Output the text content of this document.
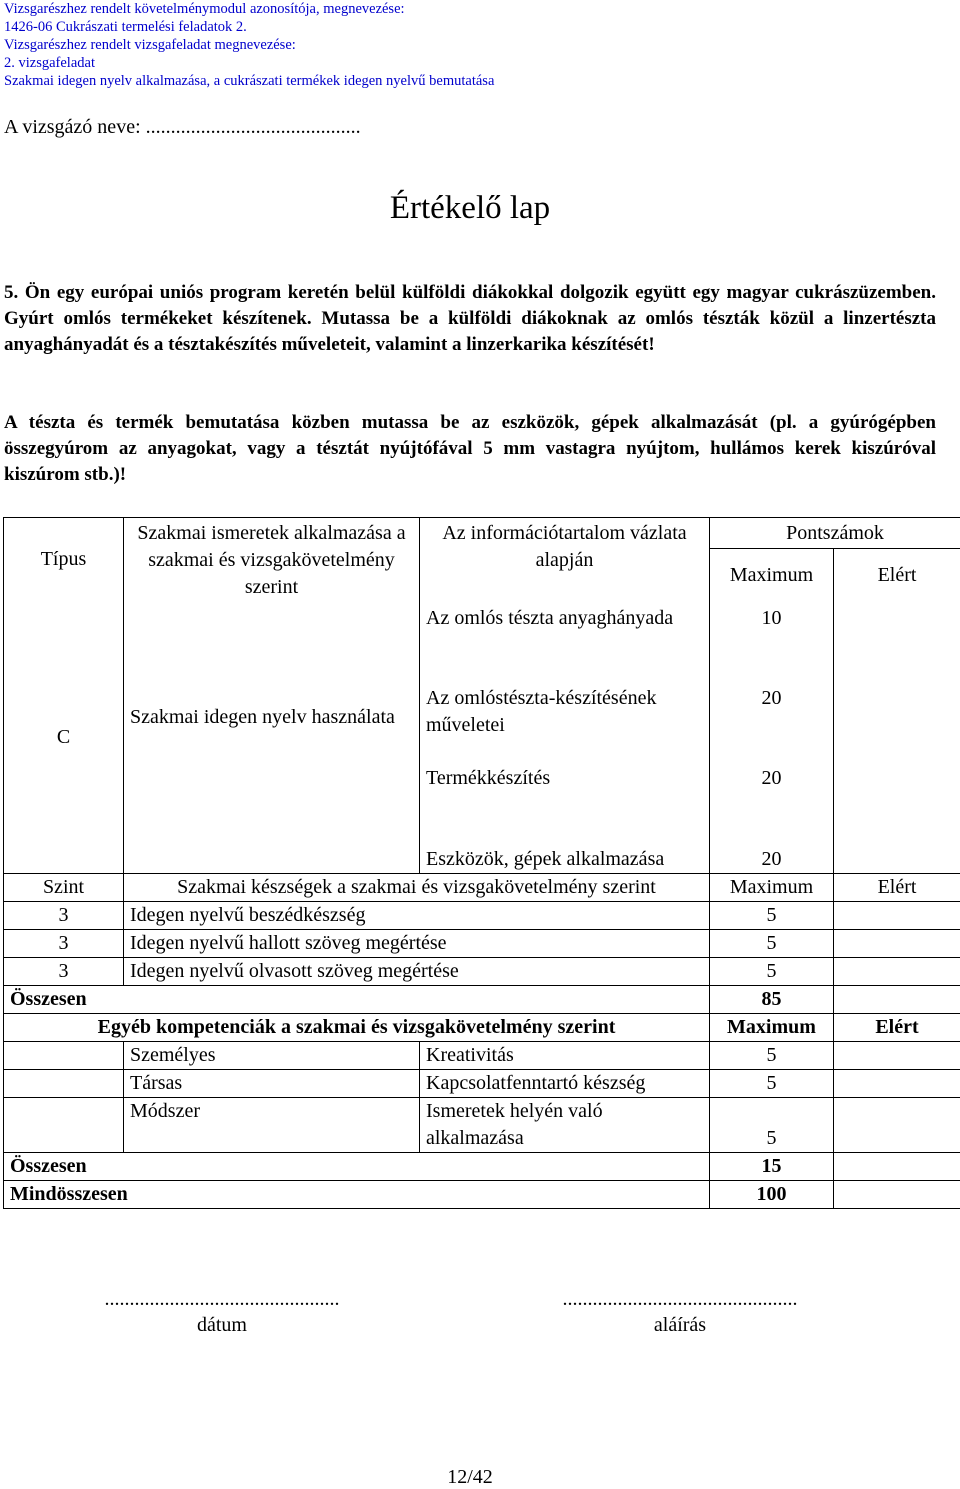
Vizsgarészhez rendelt követelménymodul azonosítója, megnevezése:
1426-06 Cukrászati termelési feladatok 2.
Vizsgarészhez rendelt vizsgafeladat megnevezése:
2. vizsgafeladat
Szakmai idegen nyelv alkalmazása, a cukrászati termékek idegen nyelvű bemutatása
A vizsgázó neve: ...........................................
Értékelő lap
5. Ön egy európai uniós program keretén belül külföldi diákokkal dolgozik együtt egy magyar cukrászüzemben. Gyúrt omlós termékeket készítenek. Mutassa be a külföldi diákoknak az omlós tészták közül a linzertészta anyaghányadát és a tésztakészítés műveleteit, valamint a linzerkarika készítését!
A tészta és termék bemutatása közben mutassa be az eszközök, gépek alkalmazását (pl. a gyúrógépben összegyúrom az anyagokat, vagy a tésztát nyújtófával 5 mm vastagra nyújtom, hullámos kerek kiszúróval kiszúrom stb.)!
Típus	Szakmai ismeretek alkalmazása a szakmai és vizsgakövetelmény szerint	Az információtartalom vázlata alapján	Pontszámok	
			Maximum	Elért
C	Szakmai idegen nyelv használata	Az omlós tészta anyaghányada	10	
		Az omlóstészta-készítésének műveletei	20	
		Termékkészítés	20	
		Eszközök, gépek alkalmazása	20	
Szint	Szakmai készségek a szakmai és vizsgakövetelmény szerint		Maximum	Elért
3	Idegen nyelvű beszédkészség		5	
3	Idegen nyelvű hallott szöveg megértése		5	
3	Idegen nyelvű olvasott szöveg megértése		5	
Összesen			85	
Egyéb kompetenciák a szakmai és vizsgakövetelmény szerint			Maximum	Elért
	Személyes	Kreativitás	5	
	Társas	Kapcsolatfenntartó készség	5	
	Módszer	Ismeretek helyén való alkalmazása	5	
Összesen			15	
Mindösszesen			100	
...............................................
dátum
...............................................
aláírás
12/42
